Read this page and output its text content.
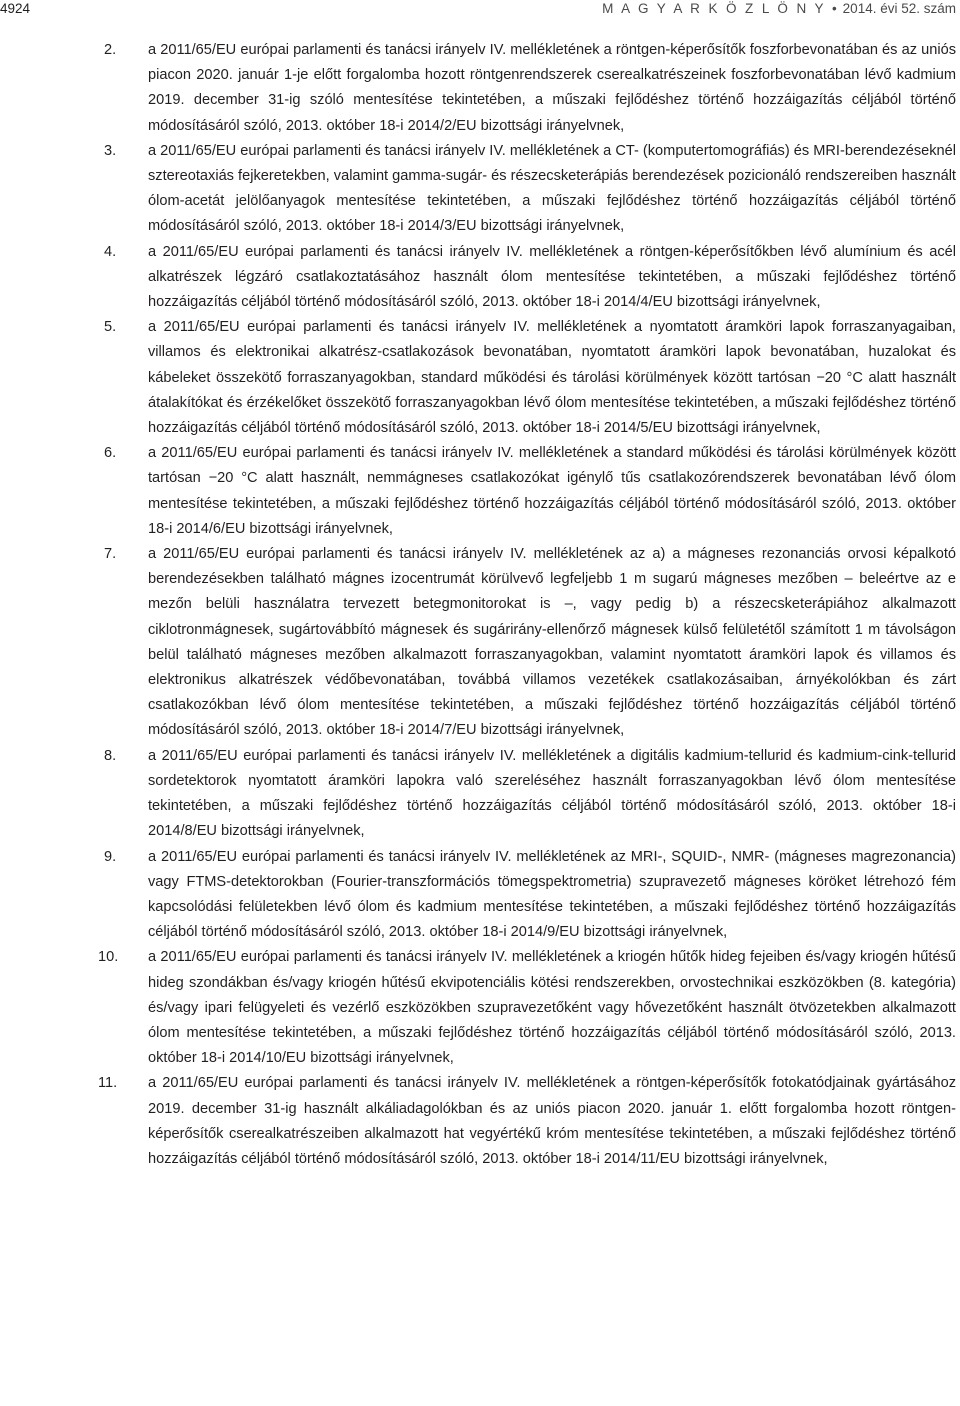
4924	M A G Y A R K Ö Z L Ö N Y • 2014. évi 52. szám
2.	a 2011/65/EU európai parlamenti és tanácsi irányelv IV. mellékletének a röntgen-képerősítők foszforbevonatában és az uniós piacon 2020. január 1-je előtt forgalomba hozott röntgenrendszerek cserealkatrészeinek foszforbevonatában lévő kadmium 2019. december 31-ig szóló mentesítése tekintetében, a műszaki fejlődéshez történő hozzáigazítás céljából történő módosításáról szóló, 2013. október 18-i 2014/2/EU bizottsági irányelvnek,
3.	a 2011/65/EU európai parlamenti és tanácsi irányelv IV. mellékletének a CT- (komputertomográfiás) és MRI-berendezéseknél sztereotaxiás fejkeretekben, valamint gamma-sugár- és részecsketerápiás berendezések pozicionáló rendszereiben használt ólom-acetát jelölőanyagok mentesítése tekintetében, a műszaki fejlődéshez történő hozzáigazítás céljából történő módosításáról szóló, 2013. október 18-i 2014/3/EU bizottsági irányelvnek,
4.	a 2011/65/EU európai parlamenti és tanácsi irányelv IV. mellékletének a röntgen-képerősítőkben lévő alumínium és acél alkatrészek légzáró csatlakoztatásához használt ólom mentesítése tekintetében, a műszaki fejlődéshez történő hozzáigazítás céljából történő módosításáról szóló, 2013. október 18-i 2014/4/EU bizottsági irányelvnek,
5.	a 2011/65/EU európai parlamenti és tanácsi irányelv IV. mellékletének a nyomtatott áramköri lapok forraszanyagaiban, villamos és elektronikai alkatrész-csatlakozások bevonatában, nyomtatott áramköri lapok bevonatában, huzalokat és kábeleket összekötő forraszanyagokban, standard működési és tárolási körülmények között tartósan −20 °C alatt használt átalakítókat és érzékelőket összekötő forraszanyagokban lévő ólom mentesítése tekintetében, a műszaki fejlődéshez történő hozzáigazítás céljából történő módosításáról szóló, 2013. október 18-i 2014/5/EU bizottsági irányelvnek,
6.	a 2011/65/EU európai parlamenti és tanácsi irányelv IV. mellékletének a standard működési és tárolási körülmények között tartósan −20 °C alatt használt, nemmágneses csatlakozókat igénylő tűs csatlakozórendszerek bevonatában lévő ólom mentesítése tekintetében, a műszaki fejlődéshez történő hozzáigazítás céljából történő módosításáról szóló, 2013. október 18-i 2014/6/EU bizottsági irányelvnek,
7.	a 2011/65/EU európai parlamenti és tanácsi irányelv IV. mellékletének az a) a mágneses rezonanciás orvosi képalkotó berendezésekben található mágnes izocentrumát körülvevő legfeljebb 1 m sugarú mágneses mezőben – beleértve az e mezőn belüli használatra tervezett betegmonitorokat is –, vagy pedig b) a részecsketerápiához alkalmazott ciklotronmágnesek, sugártovábbító mágnesek és sugárirány-ellenőrző mágnesek külső felületétől számított 1 m távolságon belül található mágneses mezőben alkalmazott forraszanyagokban, valamint nyomtatott áramköri lapok és villamos és elektronikus alkatrészek védőbevonatában, továbbá villamos vezetékek csatlakozásaiban, árnyékolókban és zárt csatlakozókban lévő ólom mentesítése tekintetében, a műszaki fejlődéshez történő hozzáigazítás céljából történő módosításáról szóló, 2013. október 18-i 2014/7/EU bizottsági irányelvnek,
8.	a 2011/65/EU európai parlamenti és tanácsi irányelv IV. mellékletének a digitális kadmium-tellurid és kadmium-cink-tellurid sordetektorok nyomtatott áramköri lapokra való szereléséhez használt forraszanyagokban lévő ólom mentesítése tekintetében, a műszaki fejlődéshez történő hozzáigazítás céljából történő módosításáról szóló, 2013. október 18-i 2014/8/EU bizottsági irányelvnek,
9.	a 2011/65/EU európai parlamenti és tanácsi irányelv IV. mellékletének az MRI-, SQUID-, NMR- (mágneses magrezonancia) vagy FTMS-detektorokban (Fourier-transzformációs tömegspektrometria) szupravezető mágneses köröket létrehozó fém kapcsolódási felületekben lévő ólom és kadmium mentesítése tekintetében, a műszaki fejlődéshez történő hozzáigazítás céljából történő módosításáról szóló, 2013. október 18-i 2014/9/EU bizottsági irányelvnek,
10.	a 2011/65/EU európai parlamenti és tanácsi irányelv IV. mellékletének a kriogén hűtők hideg fejeiben és/vagy kriogén hűtésű hideg szondákban és/vagy kriogén hűtésű ekvipotenciális kötési rendszerekben, orvostechnikai eszközökben (8. kategória) és/vagy ipari felügyeleti és vezérlő eszközökben szupravezetőként vagy hővezetőként használt ötvözetekben alkalmazott ólom mentesítése tekintetében, a műszaki fejlődéshez történő hozzáigazítás céljából történő módosításáról szóló, 2013. október 18-i 2014/10/EU bizottsági irányelvnek,
11.	a 2011/65/EU európai parlamenti és tanácsi irányelv IV. mellékletének a röntgen-képerősítők fotokatódjainak gyártásához 2019. december 31-ig használt alkáliadagolókban és az uniós piacon 2020. január 1. előtt forgalomba hozott röntgen-képerősítők cserealkatrészeiben alkalmazott hat vegyértékű króm mentesítése tekintetében, a műszaki fejlődéshez történő hozzáigazítás céljából történő módosításáról szóló, 2013. október 18-i 2014/11/EU bizottsági irányelvnek,
